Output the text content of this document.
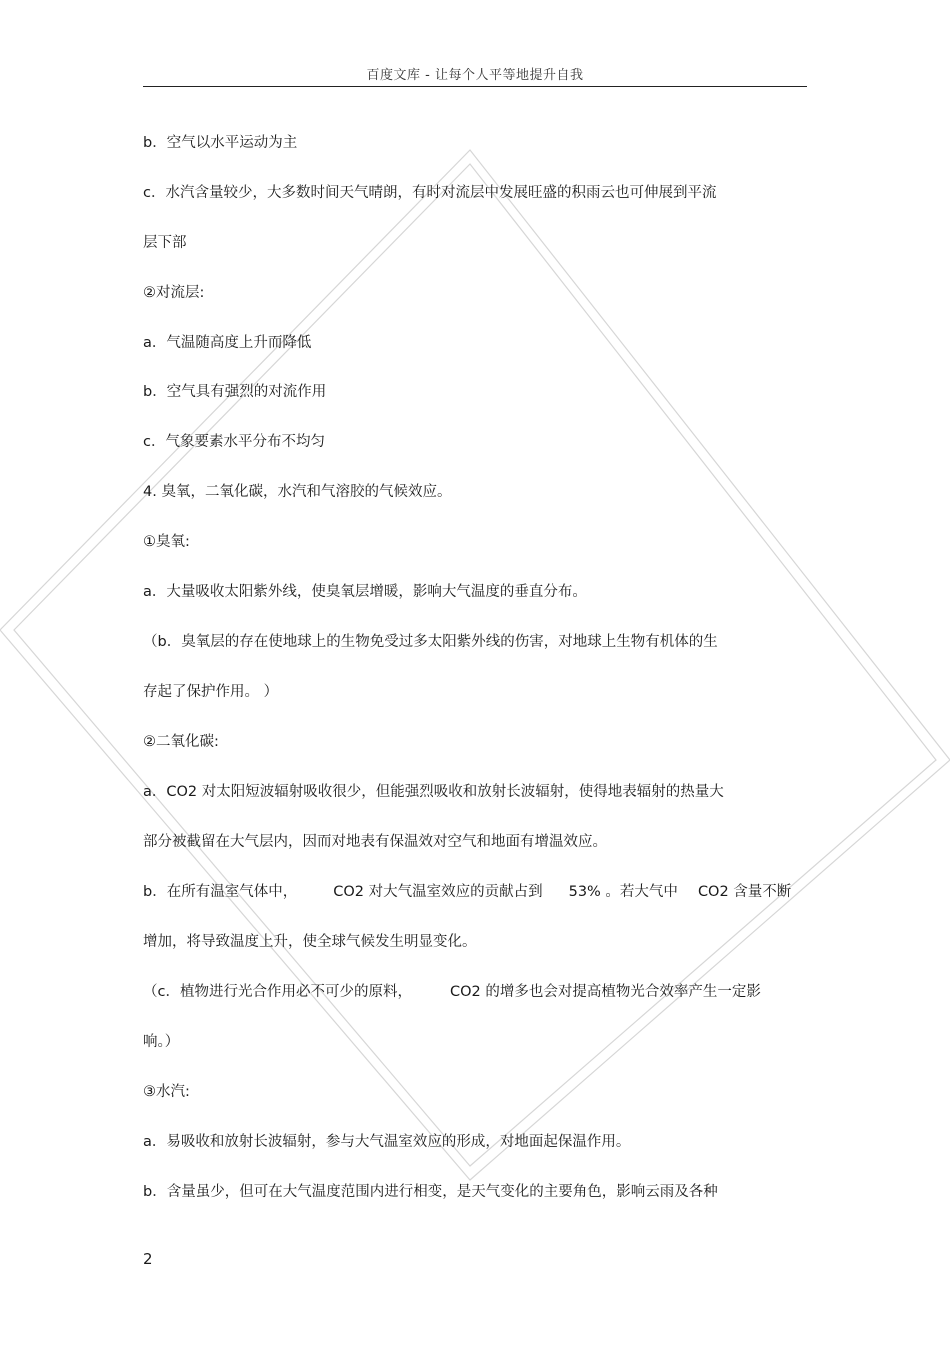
百度文库 - 让每个人平等地提升自我
b．空气以水平运动为主
c．水汽含量较少，大多数时间天气晴朗，有时对流层中发展旺盛的积雨云也可伸展到平流
层下部
②对流层:
a．气温随高度上升而降低
b．空气具有强烈的对流作用
c．气象要素水平分布不均匀
4. 臭氧，二氧化碳，水汽和气溶胶的气候效应。
①臭氧:
a．大量吸收太阳紫外线，使臭氧层增暖，影响大气温度的垂直分布。
（b．臭氧层的存在使地球上的生物免受过多太阳紫外线的伤害，对地球上生物有机体的生
存起了保护作用。 ）
②二氧化碳:
a．CO2 对太阳短波辐射吸收很少，但能强烈吸收和放射长波辐射，使得地表辐射的热量大
部分被截留在大气层内，因而对地表有保温效对空气和地面有增温效应。
b．在所有温室气体中， CO2 对大气温室效应的贡献占到 53% 。若大气中 CO2 含量不断
增加，将导致温度上升，使全球气候发生明显变化。
（c．植物进行光合作用必不可少的原料，	CO2 的增多也会对提高植物光合效率产生一定影
响。）
③水汽:
a．易吸收和放射长波辐射，参与大气温室效应的形成，对地面起保温作用。
b．含量虽少，但可在大气温度范围内进行相变，是天气变化的主要角色，影响云雨及各种
2
